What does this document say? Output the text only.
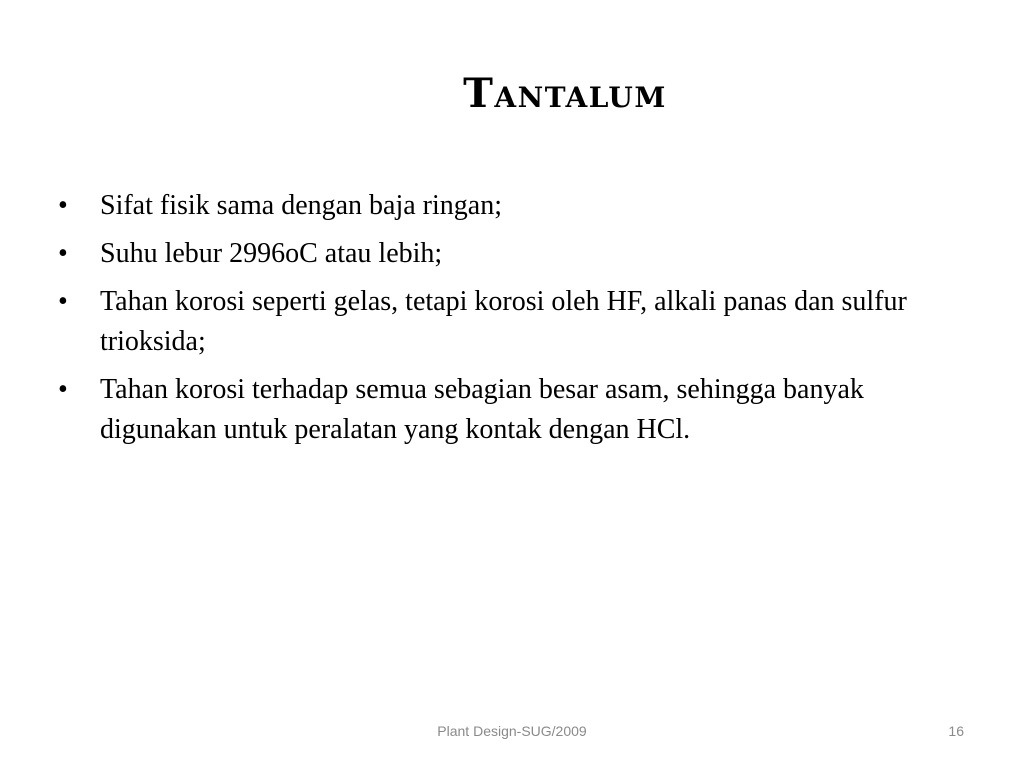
Tantalum
•	Sifat fisik sama dengan baja ringan;
•	Suhu lebur 2996oC atau lebih;
•	Tahan korosi seperti gelas, tetapi korosi oleh HF, alkali panas dan sulfur trioksida;
•	Tahan korosi terhadap semua sebagian besar asam, sehingga banyak digunakan untuk peralatan yang kontak dengan HCl.
Plant Design-SUG/2009	16
